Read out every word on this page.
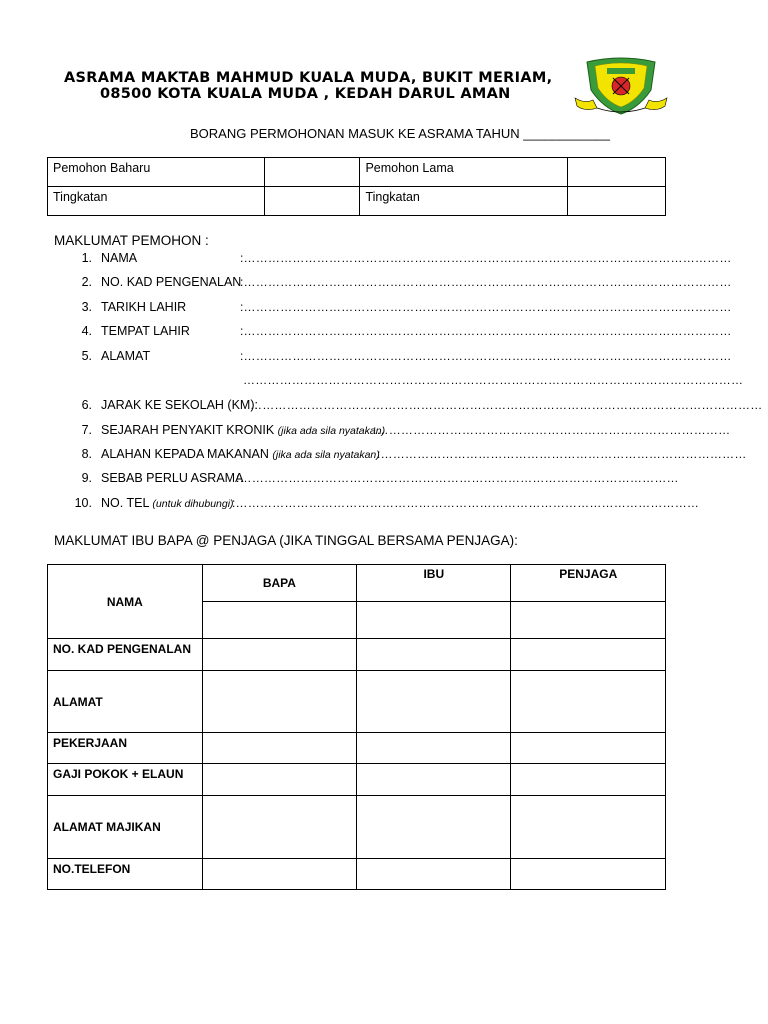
ASRAMA MAKTAB MAHMUD KUALA MUDA, BUKIT MERIAM,
08500 KOTA KUALA MUDA , KEDAH DARUL AMAN
BORANG PERMOHONAN MASUK KE ASRAMA TAHUN ____________
Pemohon Baharu		Pemohon Lama	

Tingkatan		Tingkatan	

MAKLUMAT PEMOHON :
1. NAMA	:…………………………………………………………………………………………………………
2. NO. KAD PENGENALAN
:…………………………………………………………………………………………………………
3. TARIKH LAHIR	:…………………………………………………………………………………………………………
4. TEMPAT LAHIR	:…………………………………………………………………………………………………………
5. ALAMAT	:…………………………………………………………………………………………………………
……………………………………………………………………………………………………………
6. JARAK KE SEKOLAH (KM):
………………………………………………………………………………………………………………
7. SEJARAH PENYAKIT KRONIK (jika ada sila nyatakan)
:……………………………………………………………………………
8. ALAHAN KEPADA MAKANAN (jika ada sila nyatakan)
:………………………………………………………………………………
9. SEBAB PERLU ASRAMA
:………………………………………………………………………………………………
10. NO. TEL (untuk dihubungi)
:……………………………………………………………………………………………………
MAKLUMAT IBU BAPA @ PENJAGA (JIKA TINGGAL BERSAMA PENJAGA):
NAMA	BAPA	IBU	PENJAGA

NO. KAD PENGENALAN			

ALAMAT			

PEKERJAAN			

GAJI POKOK + ELAUN			

ALAMAT MAJIKAN			

NO.TELEFON			
